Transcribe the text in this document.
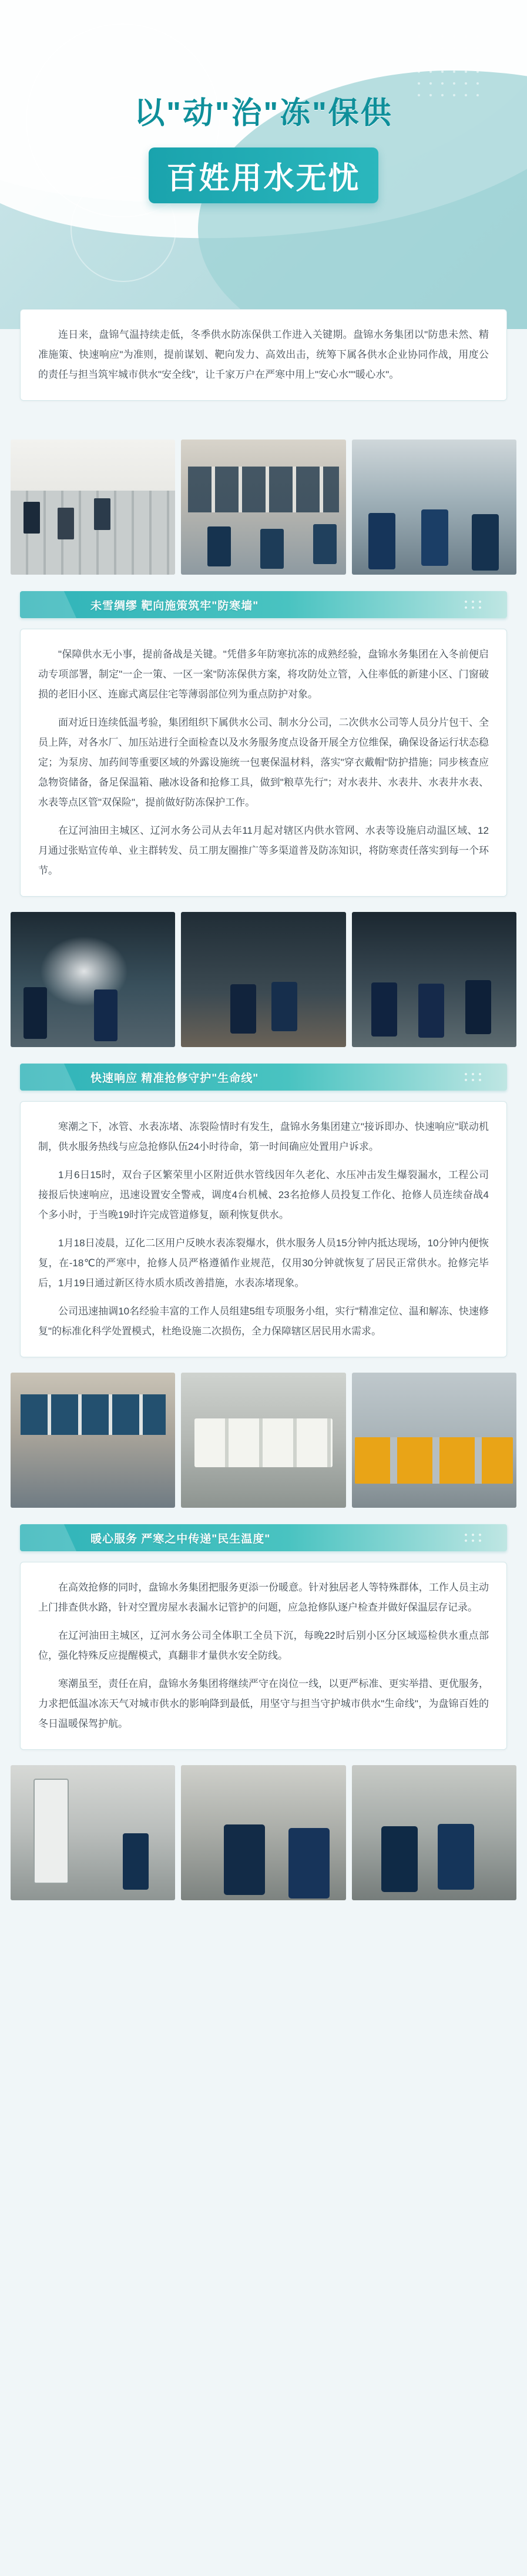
以"动"治"冻"保供
百姓用水无忧

连日来，盘锦气温持续走低，冬季供水防冻保供工作进入关键期。盘锦水务集团以"防患未然、精准施策、快速响应"为准则，提前谋划、靶向发力、高效出击，统筹下属各供水企业协同作战，用度公的责任与担当筑牢城市供水"安全线"，让千家万户在严寒中用上"安心水""暖心水"。

未雪绸缪 靶向施策筑牢"防寒墙"

"保障供水无小事，提前备战是关键。"凭借多年防寒抗冻的成熟经验，盘锦水务集团在入冬前便启动专项部署，制定"一企一策、一区一案"防冻保供方案，将攻防处立管，入住率低的新建小区、门窗破损的老旧小区、连廊式离层住宅等薄弱部位列为重点防护对象。

面对近日连续低温考验，集团组织下属供水公司、制水分公司，二次供水公司等人员分片包干、全员上阵，对各水厂、加压站进行全面检查以及水务服务度点设备开展全方位维保，确保设备运行状态稳定；为泵房、加药间等重要区域的外露设施统一包裹保温材料，落实"穿衣戴帽"防护措施；同步核查应急物资储备，备足保温箱、融冰设备和抢修工具，做到"粮草先行"；对水表井、水表井、水表井水表、水表等点区管"双保险"，提前做好防冻保护工作。

在辽河油田主城区、辽河水务公司从去年11月起对辖区内供水管网、水表等设施启动温区域、12月通过张贴宣传单、业主群转发、员工朋友圈推广等多渠道普及防冻知识，将防寒责任落实到每一个环节。

快速响应 精准抢修守护"生命线"

寒潮之下，冰管、水表冻堵、冻裂险情时有发生，盘锦水务集团建立"接诉即办、快速响应"联动机制，供水服务热线与应急抢修队伍24小时待命，第一时间确应处置用户诉求。

1月6日15时，双台子区繁荣里小区附近供水管线因年久老化、水压冲击发生爆裂漏水，工程公司接报后快速响应，迅速设置安全警戒，调度4台机械、23名抢修人员投复工作化、抢修人员连续奋战4个多小时，于当晚19时许完成管道修复，颐利恢复供水。

1月18日凌晨，辽化二区用户反映水表冻裂爆水，供水服务人员15分钟内抵达现场，10分钟内便恢复，在-18℃的严寒中，抢修人员严格遵循作业规范，仅用30分钟就恢复了居民正常供水。抢修完毕后，1月19日通过新区待水质水质改善措施，水表冻堵现象。

公司迅速抽调10名经验丰富的工作人员组建5组专项服务小组，实行"精准定位、温和解冻、快速修复"的标准化科学处置模式，杜绝设施二次损伤，全力保障辖区居民用水需求。

暖心服务 严寒之中传递"民生温度"

在高效抢修的同时，盘锦水务集团把服务更添一份暖意。针对独居老人等特殊群体，工作人员主动上门排查供水路，针对空置房屋水表漏水记管护的问题，应急抢修队逐户检查并做好保温层存记录。

在辽河油田主城区，辽河水务公司全体职工全员下沉，每晚22时后别小区分区域巡检供水重点部位，强化特殊反应提醒模式，真翻非才量供水安全防线。

寒潮虽至，责任在肩，盘锦水务集团将继续严守在岗位一线，以更严标准、更实举措、更优服务，力求把低温冰冻天气对城市供水的影响降到最低，用坚守与担当守护城市供水"生命线"，为盘锦百姓的冬日温暖保驾护航。
